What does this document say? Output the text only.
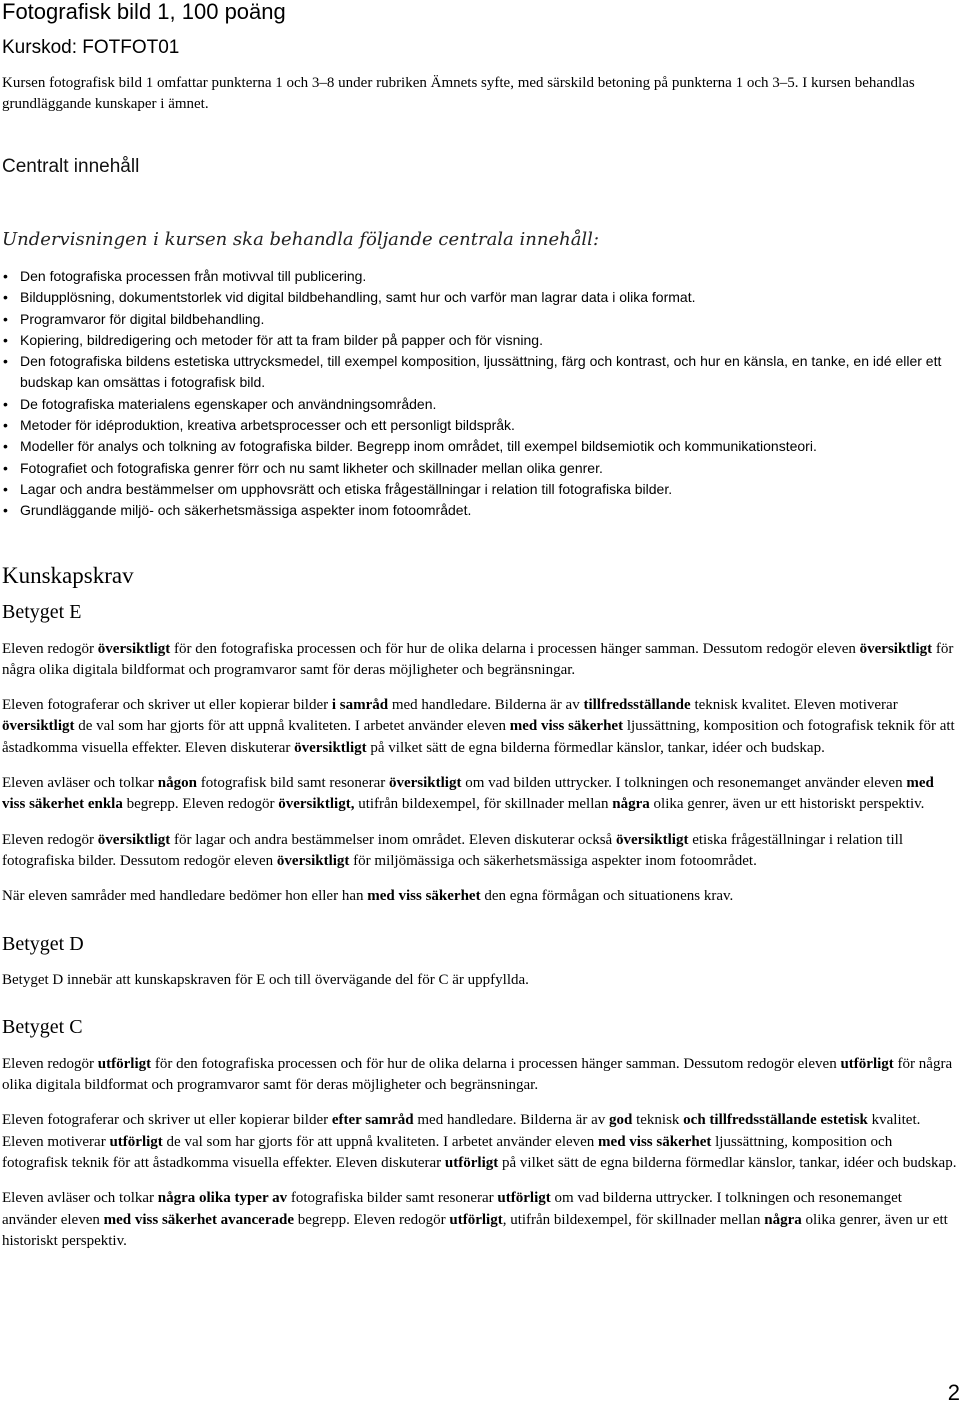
Fotografisk bild 1, 100 poäng
Kurskod: FOTFOT01
Kursen fotografisk bild 1 omfattar punkterna 1 och 3–8 under rubriken Ämnets syfte, med särskild betoning på punkterna 1 och 3–5. I kursen behandlas grundläggande kunskaper i ämnet.
Centralt innehåll
Undervisningen i kursen ska behandla följande centrala innehåll:
• Den fotografiska processen från motivval till publicering.
• Bildupplösning, dokumentstorlek vid digital bildbehandling, samt hur och varför man lagrar data i olika format.
• Programvaror för digital bildbehandling.
• Kopiering, bildredigering och metoder för att ta fram bilder på papper och för visning.
• Den fotografiska bildens estetiska uttrycksmedel, till exempel komposition, ljussättning, färg och kontrast, och hur en känsla, en tanke, en idé eller ett budskap kan omsättas i fotografisk bild.
• De fotografiska materialens egenskaper och användningsområden.
• Metoder för idéproduktion, kreativa arbetsprocesser och ett personligt bildspråk.
• Modeller för analys och tolkning av fotografiska bilder. Begrepp inom området, till exempel bildsemiotik och kommunikationsteori.
• Fotografiet och fotografiska genrer förr och nu samt likheter och skillnader mellan olika genrer.
• Lagar och andra bestämmelser om upphovsrätt och etiska frågeställningar i relation till fotografiska bilder.
• Grundläggande miljö- och säkerhetsmässiga aspekter inom fotoområdet.
Kunskapskrav
Betyget E
Eleven redogör översiktligt för den fotografiska processen och för hur de olika delarna i processen hänger samman. Dessutom redogör eleven översiktligt för några olika digitala bildformat och programvaror samt för deras möjligheter och begränsningar.
Eleven fotograferar och skriver ut eller kopierar bilder i samråd med handledare. Bilderna är av tillfredsställande teknisk kvalitet. Eleven motiverar översiktligt de val som har gjorts för att uppnå kvaliteten. I arbetet använder eleven med viss säkerhet ljussättning, komposition och fotografisk teknik för att åstadkomma visuella effekter. Eleven diskuterar översiktligt på vilket sätt de egna bilderna förmedlar känslor, tankar, idéer och budskap.
Eleven avläser och tolkar någon fotografisk bild samt resonerar översiktligt om vad bilden uttrycker. I tolkningen och resonemanget använder eleven med viss säkerhet enkla begrepp. Eleven redogör översiktligt, utifrån bildexempel, för skillnader mellan några olika genrer, även ur ett historiskt perspektiv.
Eleven redogör översiktligt för lagar och andra bestämmelser inom området. Eleven diskuterar också översiktligt etiska frågeställningar i relation till fotografiska bilder. Dessutom redogör eleven översiktligt för miljömässiga och säkerhetsmässiga aspekter inom fotoområdet.
När eleven samråder med handledare bedömer hon eller han med viss säkerhet den egna förmågan och situationens krav.
Betyget D
Betyget D innebär att kunskapskraven för E och till övervägande del för C är uppfyllda.
Betyget C
Eleven redogör utförligt för den fotografiska processen och för hur de olika delarna i processen hänger samman. Dessutom redogör eleven utförligt för några olika digitala bildformat och programvaror samt för deras möjligheter och begränsningar.
Eleven fotograferar och skriver ut eller kopierar bilder efter samråd med handledare. Bilderna är av god teknisk och tillfredsställande estetisk kvalitet. Eleven motiverar utförligt de val som har gjorts för att uppnå kvaliteten. I arbetet använder eleven med viss säkerhet ljussättning, komposition och fotografisk teknik för att åstadkomma visuella effekter. Eleven diskuterar utförligt på vilket sätt de egna bilderna förmedlar känslor, tankar, idéer och budskap.
Eleven avläser och tolkar några olika typer av fotografiska bilder samt resonerar utförligt om vad bilderna uttrycker. I tolkningen och resonemanget använder eleven med viss säkerhet avancerade begrepp. Eleven redogör utförligt, utifrån bildexempel, för skillnader mellan några olika genrer, även ur ett historiskt perspektiv.
2
